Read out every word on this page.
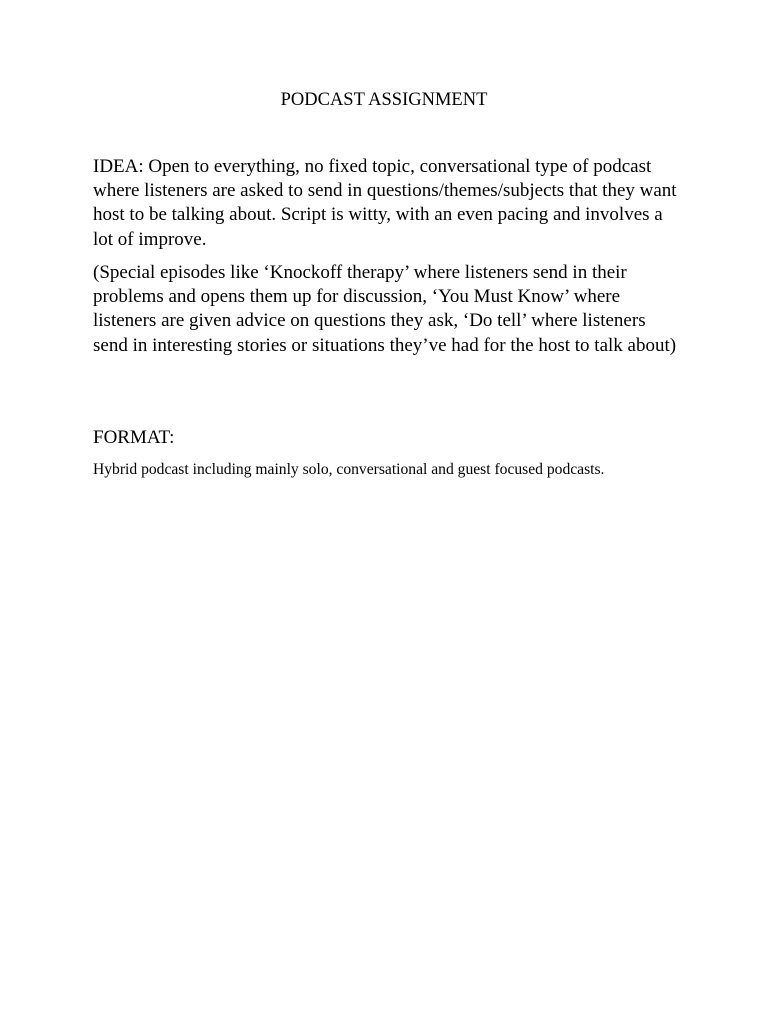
PODCAST ASSIGNMENT

IDEA: Open to everything, no fixed topic, conversational type of podcast where listeners are asked to send in questions/themes/subjects that they want host to be talking about. Script is witty, with an even pacing and involves a lot of improve.

(Special episodes like ‘Knockoff therapy’ where listeners send in their problems and opens them up for discussion, ‘You Must Know’ where listeners are given advice on questions they ask, ‘Do tell’ where listeners send in interesting stories or situations they’ve had for the host to talk about)

FORMAT:

Hybrid podcast including mainly solo, conversational and guest focused podcasts.
